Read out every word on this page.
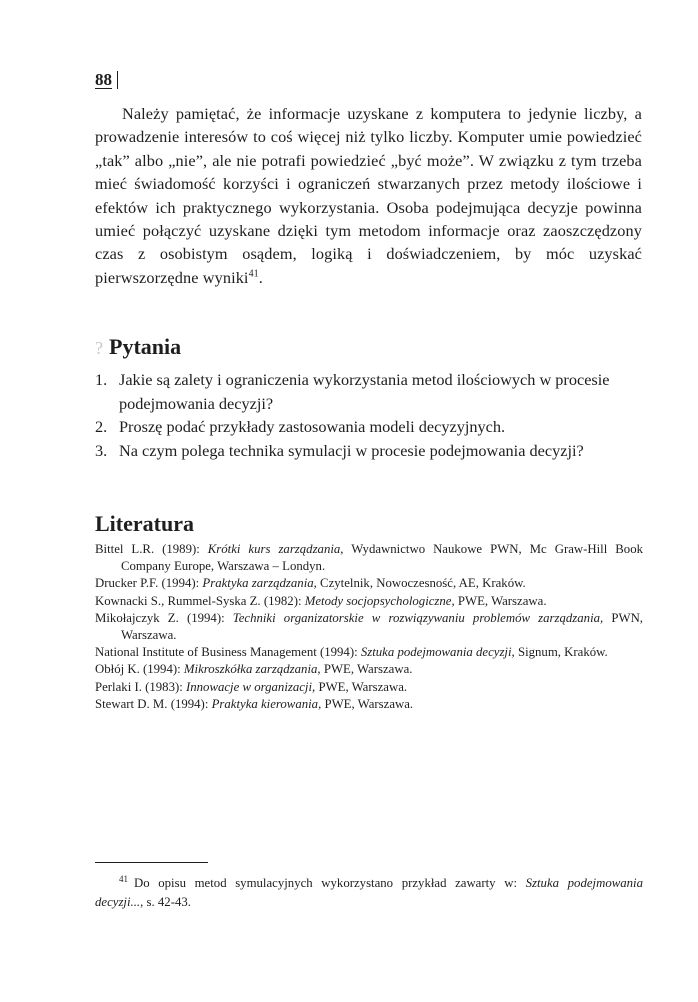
88

Należy pamiętać, że informacje uzyskane z komputera to jedynie liczby, a prowadzenie interesów to coś więcej niż tylko liczby. Komputer umie powiedzieć „tak” albo „nie”, ale nie potrafi powiedzieć „być może”. W związku z tym trzeba mieć świadomość korzyści i ograniczeń stwarzanych przez metody ilościowe i efektów ich praktycznego wykorzystania. Osoba podejmująca decyzje powinna umieć połączyć uzyskane dzięki tym metodom informacje oraz zaoszczędzony czas z osobistym osądem, logiką i doświadczeniem, by móc uzyskać pierwszorzędne wyniki$^{41}$.

? Pytania
1. Jakie są zalety i ograniczenia wykorzystania metod ilościowych w procesie podejmowania decyzji?
2. Proszę podać przykłady zastosowania modeli decyzyjnych.
3. Na czym polega technika symulacji w procesie podejmowania decyzji?
Literatura
Bittel L.R. (1989): Krótki kurs zarządzania, Wydawnictwo Naukowe PWN, Mc Graw-Hill Book Company Europe, Warszawa – Londyn.
Drucker P.F. (1994): Praktyka zarządzania, Czytelnik, Nowoczesność, AE, Kraków.
Kownacki S., Rummel-Syska Z. (1982): Metody socjopsychologiczne, PWE, Warszawa.
Mikołajczyk Z. (1994): Techniki organizatorskie w rozwiązywaniu problemów zarządzania, PWN, Warszawa.
National Institute of Business Management (1994): Sztuka podejmowania decyzji, Signum, Kraków.
Obłój K. (1994): Mikroszkółka zarządzania, PWE, Warszawa.
Perlaki I. (1983): Innowacje w organizacji, PWE, Warszawa.
Stewart D. M. (1994): Praktyka kierowania, PWE, Warszawa.

$^{41}$ Do opisu metod symulacyjnych wykorzystano przykład zawarty w: Sztuka podejmowania decyzji..., s. 42-43.
